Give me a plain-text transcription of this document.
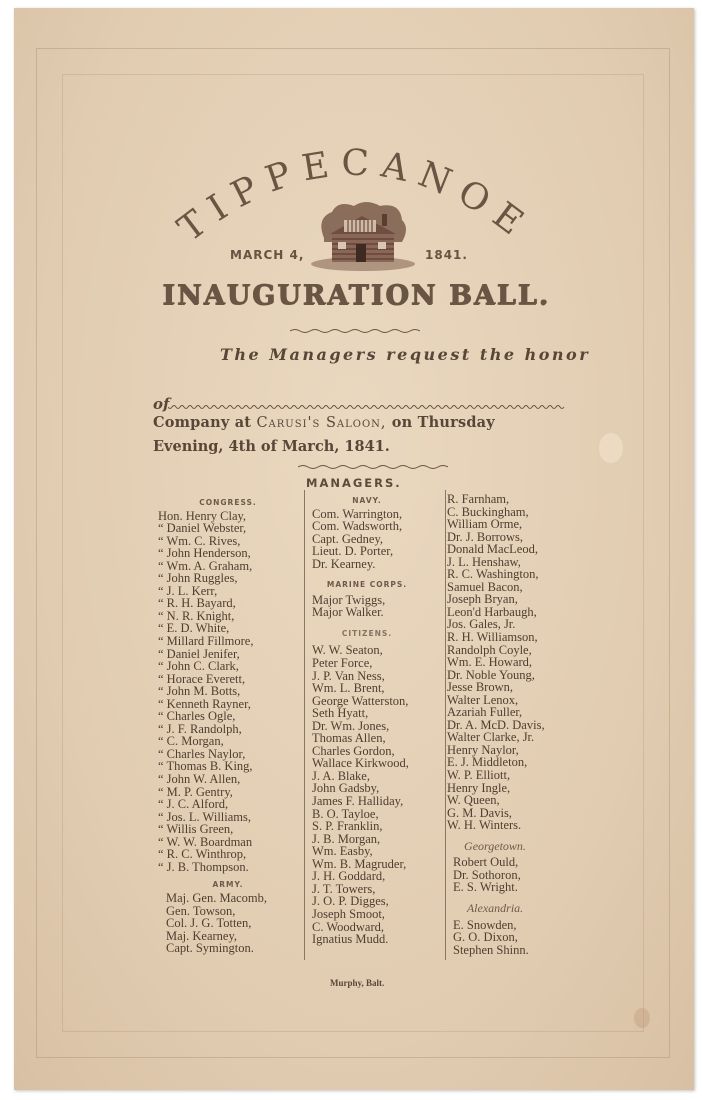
TIPPECANOE
MARCH 4,	1841.
INAUGURATION BALL.
The Managers request the honor
of
Company at Carusi's Saloon, on Thursday
Evening, 4th of March, 1841.
MANAGERS.
CONGRESS.
Hon. Henry Clay,
“ Daniel Webster,
“ Wm. C. Rives,
“ John Henderson,
“ Wm. A. Graham,
“ John Ruggles,
“ J. L. Kerr,
“ R. H. Bayard,
“ N. R. Knight,
“ E. D. White,
“ Millard Fillmore,
“ Daniel Jenifer,
“ John C. Clark,
“ Horace Everett,
“ John M. Botts,
“ Kenneth Rayner,
“ Charles Ogle,
“ J. F. Randolph,
“ C. Morgan,
“ Charles Naylor,
“ Thomas B. King,
“ John W. Allen,
“ M. P. Gentry,
“ J. C. Alford,
“ Jos. L. Williams,
“ Willis Green,
“ W. W. Boardman
“ R. C. Winthrop,
“ J. B. Thompson.
ARMY.
Maj. Gen. Macomb,
Gen. Towson,
Col. J. G. Totten,
Maj. Kearney,
Capt. Symington.
NAVY.
Com. Warrington,
Com. Wadsworth,
Capt. Gedney,
Lieut. D. Porter,
Dr. Kearney.
MARINE CORPS.
Major Twiggs,
Major Walker.
CITIZENS.
W. W. Seaton,
Peter Force,
J. P. Van Ness,
Wm. L. Brent,
George Watterston,
Seth Hyatt,
Dr. Wm. Jones,
Thomas Allen,
Charles Gordon,
Wallace Kirkwood,
J. A. Blake,
John Gadsby,
James F. Halliday,
B. O. Tayloe,
S. P. Franklin,
J. B. Morgan,
Wm. Easby,
Wm. B. Magruder,
J. H. Goddard,
J. T. Towers,
J. O. P. Digges,
Joseph Smoot,
C. Woodward,
Ignatius Mudd.
R. Farnham,
C. Buckingham,
William Orme,
Dr. J. Borrows,
Donald MacLeod,
J. L. Henshaw,
R. C. Washington,
Samuel Bacon,
Joseph Bryan,
Leon'd Harbaugh,
Jos. Gales, Jr.
R. H. Williamson,
Randolph Coyle,
Wm. E. Howard,
Dr. Noble Young,
Jesse Brown,
Walter Lenox,
Azariah Fuller,
Dr. A. McD. Davis,
Walter Clarke, Jr.
Henry Naylor,
E. J. Middleton,
W. P. Elliott,
Henry Ingle,
W. Queen,
G. M. Davis,
W. H. Winters.
Georgetown.
Robert Ould,
Dr. Sothoron,
E. S. Wright.
Alexandria.
E. Snowden,
G. O. Dixon,
Stephen Shinn.
Murphy, Balt.
